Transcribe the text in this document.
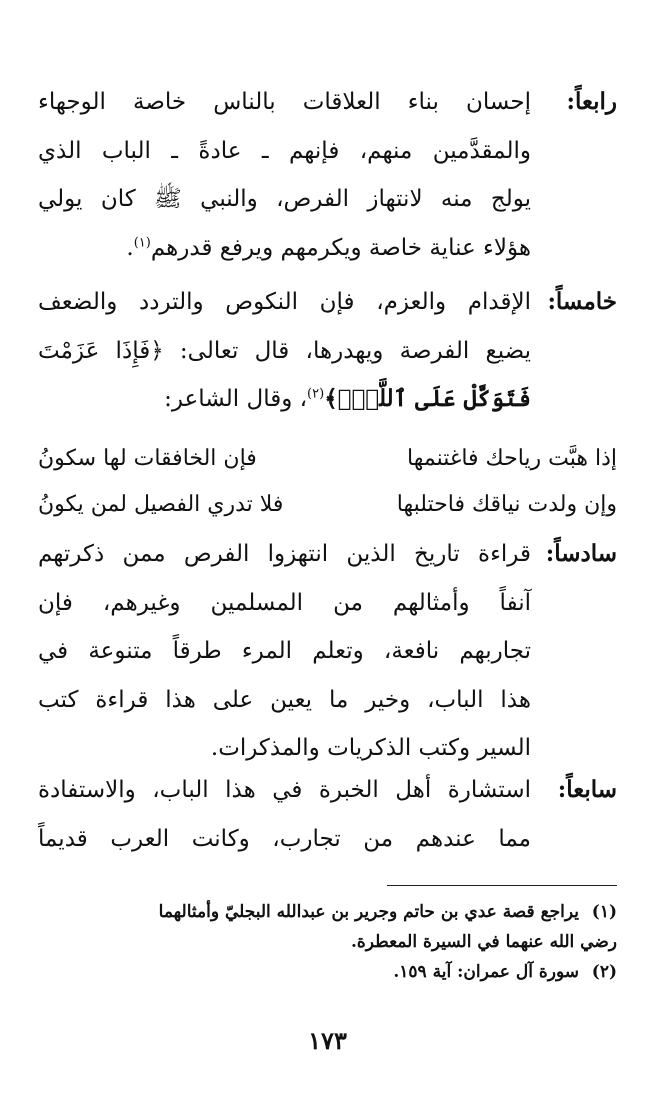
رابعاً:
إحسان بناء العلاقات بالناس خاصة الوجهاء
والمقدَّمين منهم، فإنهم ـ عادةً ـ الباب الذي
يولج منه لانتهاز الفرص، والنبي ﷺ كان يولي
هؤلاء عناية خاصة ويكرمهم ويرفع قدرهم$^{(١)}$.
خامساً:
الإقدام والعزم، فإن النكوص والتردد والضعف
يضيع الفرصة ويهدرها، قال تعالى: ﴿فَإِذَا عَزَمْتَ
فَتَوَكَّلْ عَلَى ٱللَّهِۚ﴾$^{(٢)}$، وقال الشاعر:
إذا هبَّت رياحك فاغتنمها
فإن الخافقات لها سكونُ
وإن ولدت نياقك فاحتلبها
فلا تدري الفصيل لمن يكونُ
سادساً:
قراءة تاريخ الذين انتهزوا الفرص ممن ذكرتهم
آنفاً وأمثالهم من المسلمين وغيرهم، فإن
تجاربهم نافعة، وتعلم المرء طرقاً متنوعة في
هذا الباب، وخير ما يعين على هذا قراءة كتب
السير وكتب الذكريات والمذكرات.
سابعاً:
استشارة أهل الخبرة في هذا الباب، والاستفادة
مما عندهم من تجارب، وكانت العرب قديماً
(١)
يراجع قصة عدي بن حاتم وجرير بن عبدالله البجليّ وأمثالهما
رضي الله عنهما في السيرة المعطرة.
(٢)
سورة آل عمران: آية ١٥٩.
١٧٣
